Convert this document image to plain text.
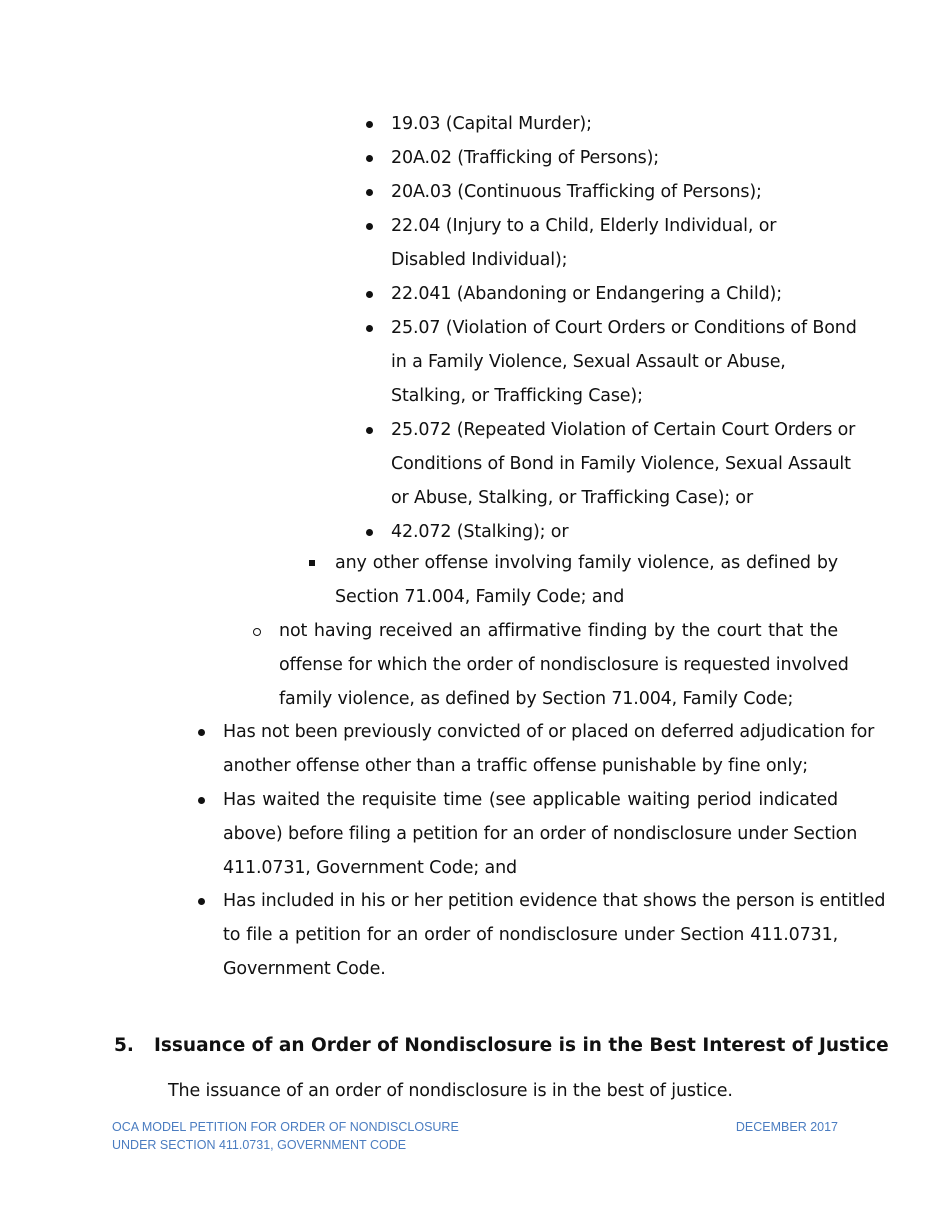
19.03 (Capital Murder);
20A.02 (Trafficking of Persons);
20A.03 (Continuous Trafficking of Persons);
22.04 (Injury to a Child, Elderly Individual, or
Disabled Individual);
22.041 (Abandoning or Endangering a Child);
25.07 (Violation of Court Orders or Conditions of Bond
in a Family Violence, Sexual Assault or Abuse,
Stalking, or Trafficking Case);
25.072 (Repeated Violation of Certain Court Orders or
Conditions of Bond in Family Violence, Sexual Assault
or Abuse, Stalking, or Trafficking Case); or
42.072 (Stalking); or
any other offense involving family violence, as defined by
Section 71.004, Family Code; and
not having received an affirmative finding by the court that the
offense for which the order of nondisclosure is requested involved
family violence, as defined by Section 71.004, Family Code;
Has not been previously convicted of or placed on deferred adjudication for
another offense other than a traffic offense punishable by fine only;
Has waited the requisite time (see applicable waiting period indicated
above) before filing a petition for an order of nondisclosure under Section
411.0731, Government Code; and
Has included in his or her petition evidence that shows the person is entitled
to file a petition for an order of nondisclosure under Section 411.0731,
Government Code.
5. Issuance of an Order of Nondisclosure is in the Best Interest of Justice
The issuance of an order of nondisclosure is in the best of justice.
OCA MODEL PETITION FOR ORDER OF NONDISCLOSURE
UNDER SECTION 411.0731, GOVERNMENT CODE
DECEMBER 2017
